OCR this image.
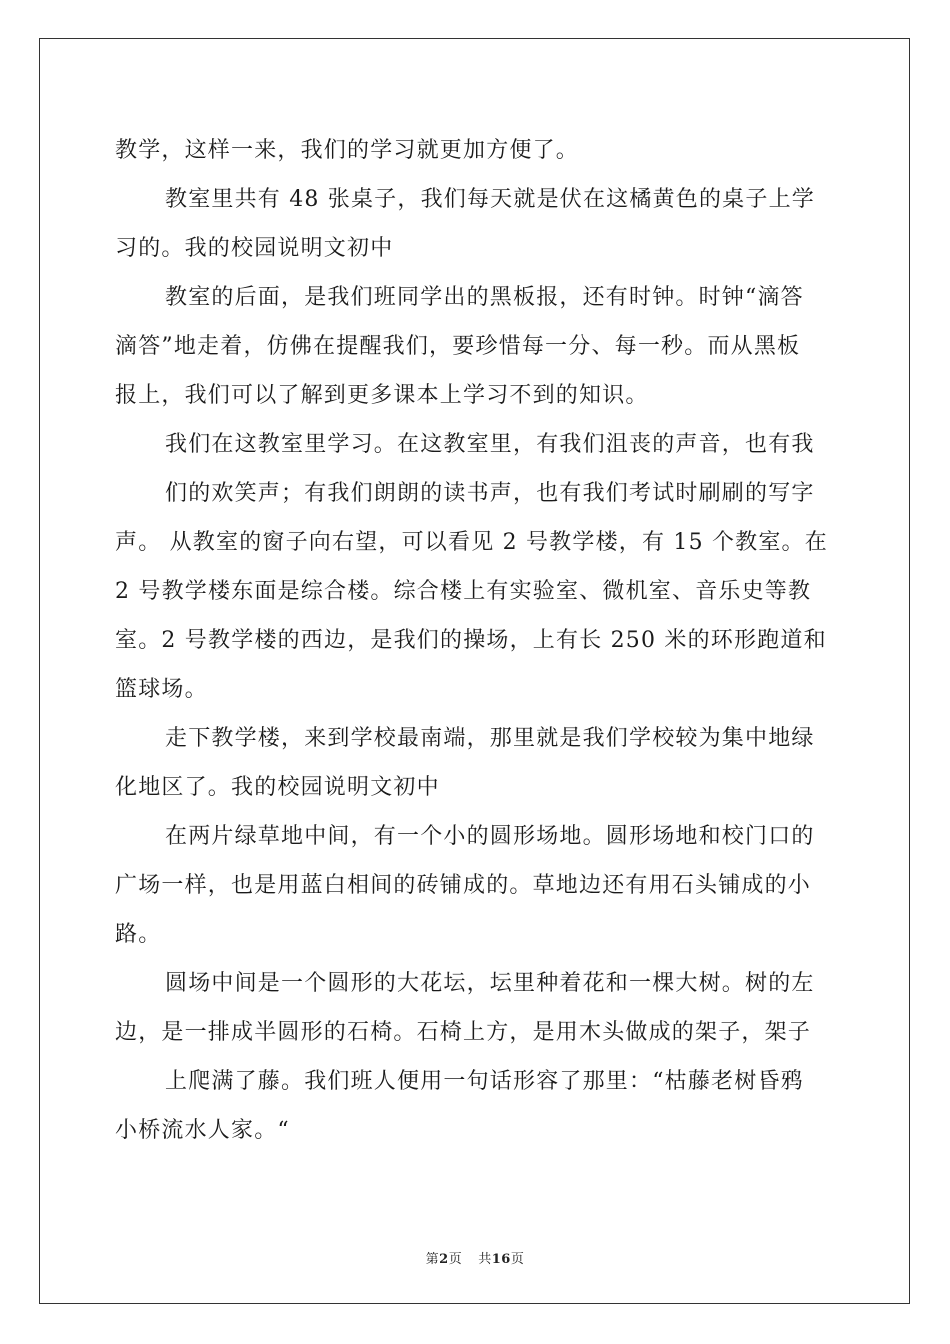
教学，这样一来，我们的学习就更加方便了。
教室里共有 48 张桌子，我们每天就是伏在这橘黄色的桌子上学
习的。我的校园说明文初中
教室的后面，是我们班同学出的黑板报，还有时钟。时钟“滴答
滴答”地走着，仿佛在提醒我们，要珍惜每一分、每一秒。而从黑板
报上，我们可以了解到更多课本上学习不到的知识。
我们在这教室里学习。在这教室里，有我们沮丧的声音，也有我
们的欢笑声；有我们朗朗的读书声，也有我们考试时刷刷的写字
声。 从教室的窗子向右望，可以看见 2 号教学楼，有 15 个教室。在
2 号教学楼东面是综合楼。综合楼上有实验室、微机室、音乐史等教
室。2 号教学楼的西边，是我们的操场，上有长 250 米的环形跑道和
篮球场。
走下教学楼，来到学校最南端，那里就是我们学校较为集中地绿
化地区了。我的校园说明文初中
在两片绿草地中间，有一个小的圆形场地。圆形场地和校门口的
广场一样，也是用蓝白相间的砖铺成的。草地边还有用石头铺成的小
路。
圆场中间是一个圆形的大花坛，坛里种着花和一棵大树。树的左
边，是一排成半圆形的石椅。石椅上方，是用木头做成的架子，架子
上爬满了藤。我们班人便用一句话形容了那里：“枯藤老树昏鸦
小桥流水人家。“
第2页 共16页
